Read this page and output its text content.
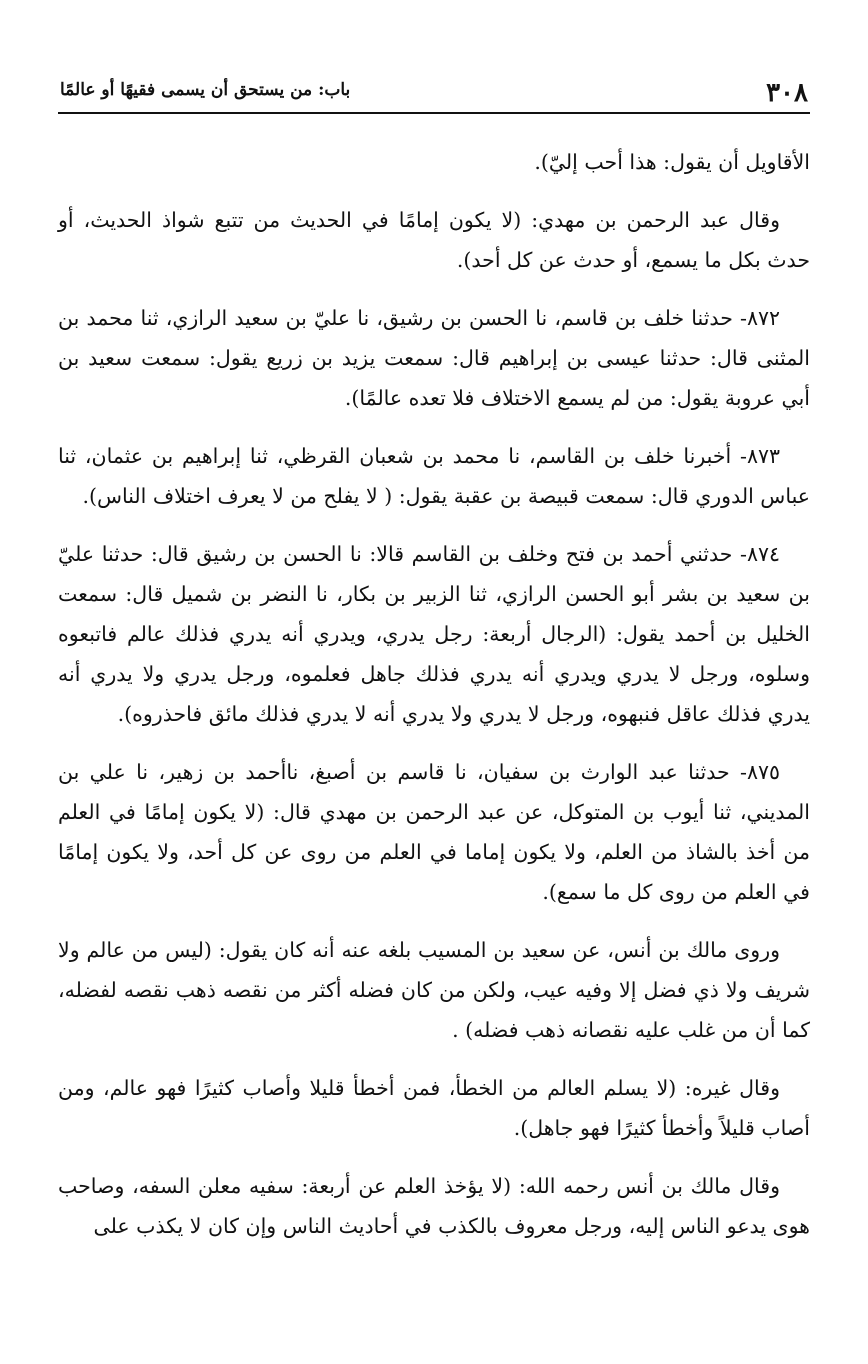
٣٠٨
باب: من يستحق أن يسمى فقيهًا أو عالمًا

الأقاويل أن يقول: هذا أحب إليّ).

وقال عبد الرحمن بن مهدي: (لا يكون إمامًا في الحديث من تتبع شواذ الحديث، أو حدث بكل ما يسمع، أو حدث عن كل أحد).

٨٧٢- حدثنا خلف بن قاسم، نا الحسن بن رشيق، نا عليّ بن سعيد الرازي، ثنا محمد بن المثنى قال: حدثنا عيسى بن إبراهيم قال: سمعت يزيد بن زريع يقول: سمعت سعيد بن أبي عروبة يقول: من لم يسمع الاختلاف فلا تعده عالمًا).

٨٧٣- أخبرنا خلف بن القاسم، نا محمد بن شعبان القرظي، ثنا إبراهيم بن عثمان، ثنا عباس الدوري قال: سمعت قبيصة بن عقبة يقول: ( لا يفلح من لا يعرف اختلاف الناس).

٨٧٤- حدثني أحمد بن فتح وخلف بن القاسم قالا: نا الحسن بن رشيق قال: حدثنا عليّ بن سعيد بن بشر أبو الحسن الرازي، ثنا الزبير بن بكار، نا النضر بن شميل قال: سمعت الخليل بن أحمد يقول: (الرجال أربعة: رجل يدري، ويدري أنه يدري فذلك عالم فاتبعوه وسلوه، ورجل لا يدري ويدري أنه يدري فذلك جاهل فعلموه، ورجل يدري ولا يدري أنه يدري فذلك عاقل فنبهوه، ورجل لا يدري ولا يدري أنه لا يدري فذلك مائق فاحذروه).

٨٧٥- حدثنا عبد الوارث بن سفيان، نا قاسم بن أصبغ، ناأحمد بن زهير، نا علي بن المديني، ثنا أيوب بن المتوكل، عن عبد الرحمن بن مهدي قال: (لا يكون إمامًا في العلم من أخذ بالشاذ من العلم، ولا يكون إماما في العلم من روى عن كل أحد، ولا يكون إمامًا في العلم من روى كل ما سمع).

وروى مالك بن أنس، عن سعيد بن المسيب بلغه عنه أنه كان يقول: (ليس من عالم ولا شريف ولا ذي فضل إلا وفيه عيب، ولكن من كان فضله أكثر من نقصه ذهب نقصه لفضله، كما أن من غلب عليه نقصانه ذهب فضله) .

وقال غيره: (لا يسلم العالم من الخطأ، فمن أخطأ قليلا وأصاب كثيرًا فهو عالم، ومن أصاب قليلاً وأخطأ كثيرًا فهو جاهل).

وقال مالك بن أنس رحمه الله: (لا يؤخذ العلم عن أربعة: سفيه معلن السفه، وصاحب هوى يدعو الناس إليه، ورجل معروف بالكذب في أحاديث الناس وإن كان لا يكذب على
